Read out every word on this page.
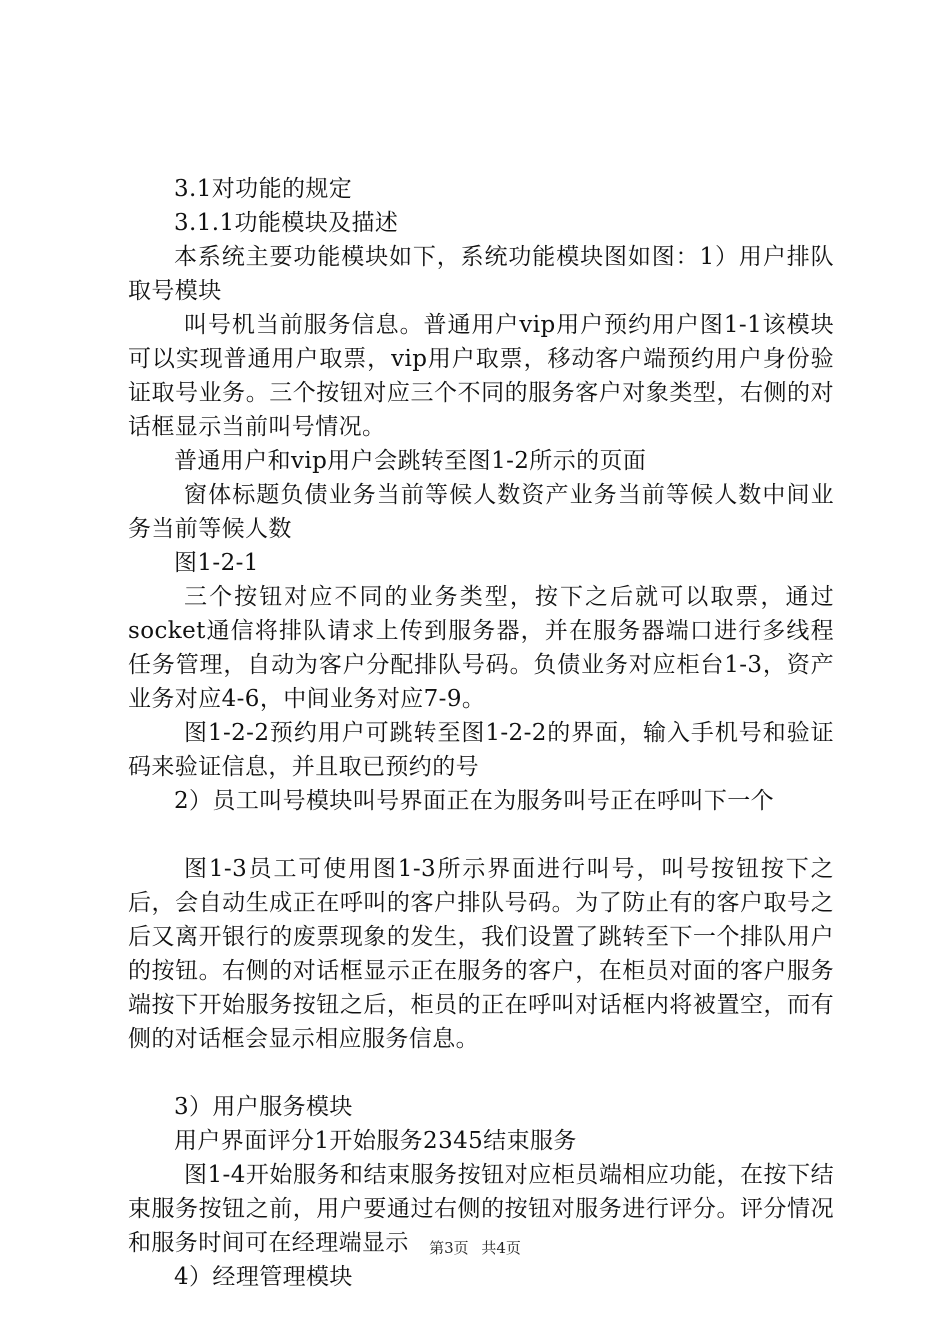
3.1对功能的规定

3.1.1功能模块及描述

本系统主要功能模块如下，系统功能模块图如图：1）用户排队取号模块

叫号机当前服务信息。普通用户vip用户预约用户图1-1该模块可以实现普通用户取票，vip用户取票，移动客户端预约用户身份验证取号业务。三个按钮对应三个不同的服务客户对象类型，右侧的对话框显示当前叫号情况。

普通用户和vip用户会跳转至图1-2所示的页面

窗体标题负债业务当前等候人数资产业务当前等候人数中间业务当前等候人数

图1-2-1

三个按钮对应不同的业务类型，按下之后就可以取票，通过socket通信将排队请求上传到服务器，并在服务器端口进行多线程任务管理，自动为客户分配排队号码。负债业务对应柜台1-3，资产业务对应4-6，中间业务对应7-9。

图1-2-2预约用户可跳转至图1-2-2的界面，输入手机号和验证码来验证信息，并且取已预约的号

2）员工叫号模块叫号界面正在为服务叫号正在呼叫下一个

图1-3员工可使用图1-3所示界面进行叫号，叫号按钮按下之后，会自动生成正在呼叫的客户排队号码。为了防止有的客户取号之后又离开银行的废票现象的发生，我们设置了跳转至下一个排队用户的按钮。右侧的对话框显示正在服务的客户，在柜员对面的客户服务端按下开始服务按钮之后，柜员的正在呼叫对话框内将被置空，而有侧的对话框会显示相应服务信息。

3）用户服务模块

用户界面评分1开始服务2345结束服务

图1-4开始服务和结束服务按钮对应柜员端相应功能，在按下结束服务按钮之前，用户要通过右侧的按钮对服务进行评分。评分情况和服务时间可在经理端显示

4）经理管理模块

第3页 共4页
